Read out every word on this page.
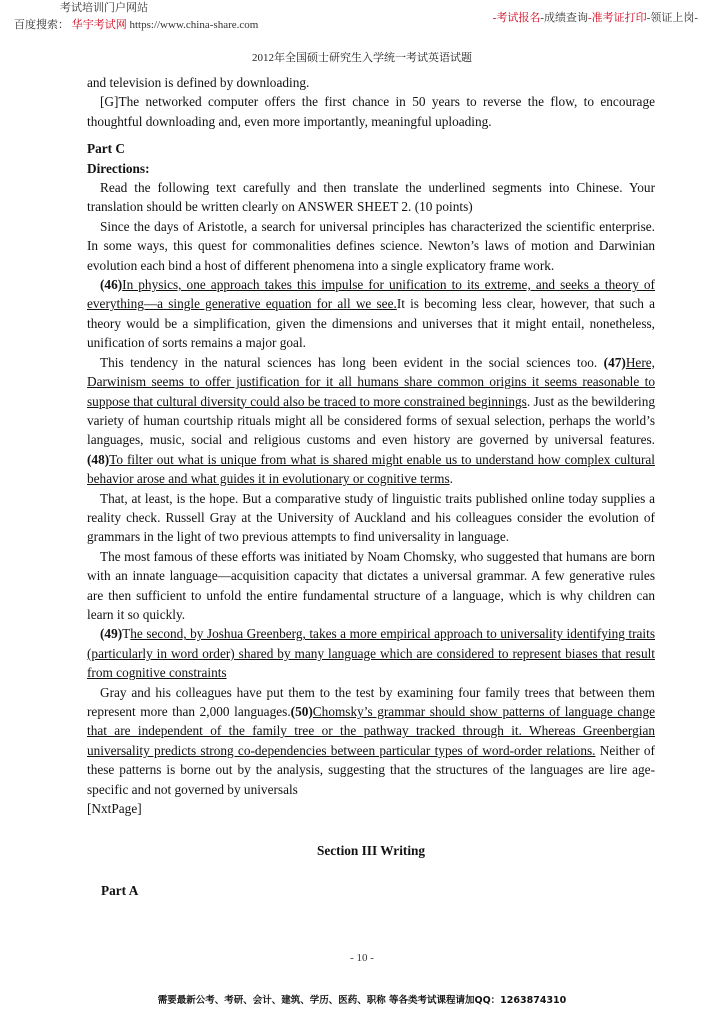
考试培训门户网站
百度搜索： 华宇考试网 https://www.china-share.com
-考试报名-成绩查询-准考证打印-领证上岗-
2012年全国硕士研究生入学统一考试英语试题

and television is defined by downloading.

[G]The networked computer offers the first chance in 50 years to reverse the flow, to encourage thoughtful downloading and, even more importantly, meaningful uploading.

Part C

Directions:

Read the following text carefully and then translate the underlined segments into Chinese. Your translation should be written clearly on ANSWER SHEET 2. (10 points)

Since the days of Aristotle, a search for universal principles has characterized the scientific enterprise. In some ways, this quest for commonalities defines science. Newton’s laws of motion and Darwinian evolution each bind a host of different phenomena into a single explicatory frame work.

(46)In physics, one approach takes this impulse for unification to its extreme, and seeks a theory of everything—a single generative equation for all we see.It is becoming less clear, however, that such a theory would be a simplification, given the dimensions and universes that it might entail, nonetheless, unification of sorts remains a major goal.

This tendency in the natural sciences has long been evident in the social sciences too. (47)Here, Darwinism seems to offer justification for it all humans share common origins it seems reasonable to suppose that cultural diversity could also be traced to more constrained beginnings. Just as the bewildering variety of human courtship rituals might all be considered forms of sexual selection, perhaps the world’s languages, music, social and religious customs and even history are governed by universal features. (48)To filter out what is unique from what is shared might enable us to understand how complex cultural behavior arose and what guides it in evolutionary or cognitive terms.

That, at least, is the hope. But a comparative study of linguistic traits published online today supplies a reality check. Russell Gray at the University of Auckland and his colleagues consider the evolution of grammars in the light of two previous attempts to find universality in language.

The most famous of these efforts was initiated by Noam Chomsky, who suggested that humans are born with an innate language—acquisition capacity that dictates a universal grammar. A few generative rules are then sufficient to unfold the entire fundamental structure of a language, which is why children can learn it so quickly.

(49)The second, by Joshua Greenberg, takes a more empirical approach to universality identifying traits (particularly in word order) shared by many language which are considered to represent biases that result from cognitive constraints

Gray and his colleagues have put them to the test by examining four family trees that between them represent more than 2,000 languages.(50)Chomsky’s grammar should show patterns of language change that are independent of the family tree or the pathway tracked through it. Whereas Greenbergian universality predicts strong co-dependencies between particular types of word-order relations. Neither of these patterns is borne out by the analysis, suggesting that the structures of the languages are lire age-specific and not governed by universals

[NxtPage]

Section III Writing

Part A

- 10 -
需要最新公考、考研、会计、建筑、学历、医药、职称 等各类考试课程请加QQ：1263874310
